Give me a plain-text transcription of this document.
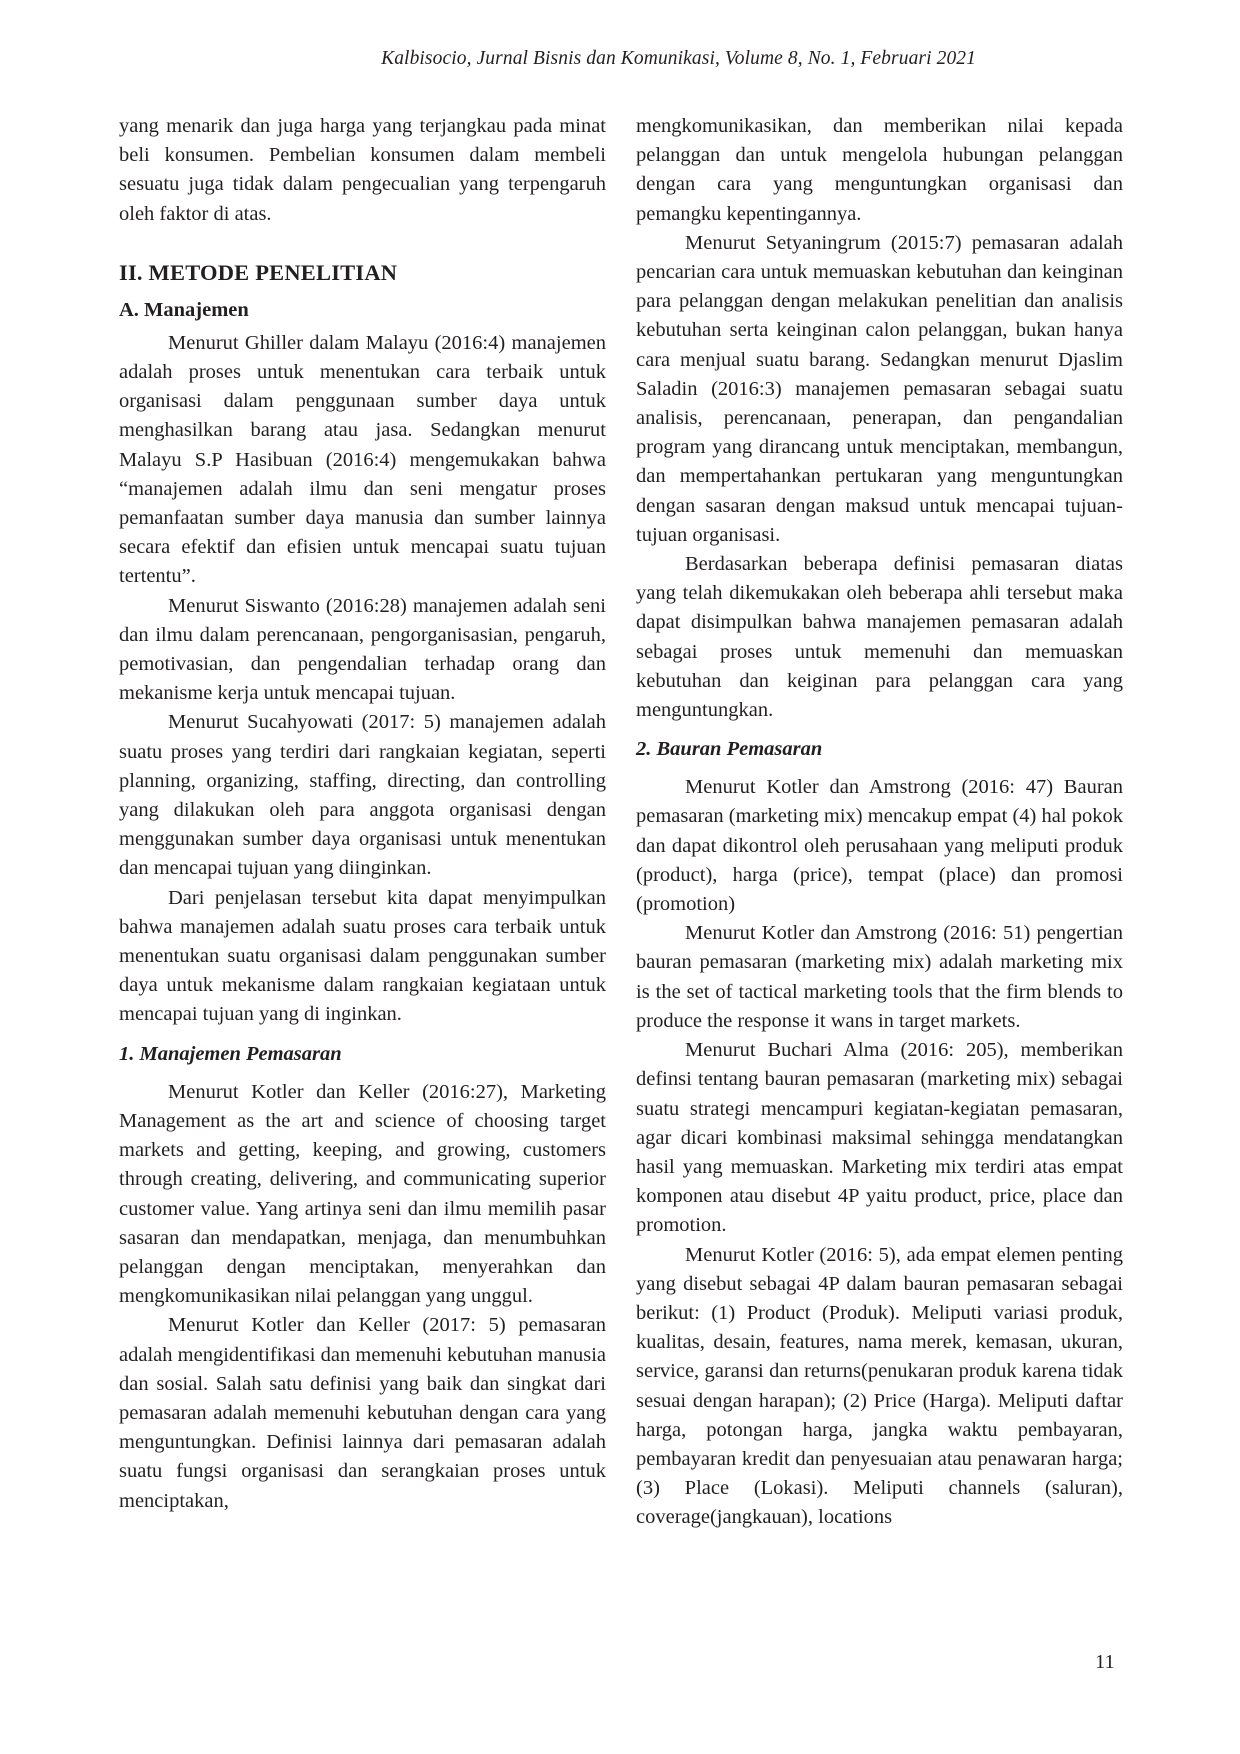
Kalbisocio, Jurnal Bisnis dan Komunikasi, Volume 8, No. 1, Februari 2021

yang menarik dan juga harga yang terjangkau pada minat beli konsumen. Pembelian konsumen dalam membeli sesuatu juga tidak dalam pengecualian yang terpengaruh oleh faktor di atas.

II. METODE PENELITIAN
A. Manajemen

Menurut Ghiller dalam Malayu (2016:4) manajemen adalah proses untuk menentukan cara terbaik untuk organisasi dalam penggunaan sumber daya untuk menghasilkan barang atau jasa. Sedangkan menurut Malayu S.P Hasibuan (2016:4) mengemukakan bahwa “manajemen adalah ilmu dan seni mengatur proses pemanfaatan sumber daya manusia dan sumber lainnya secara efektif dan efisien untuk mencapai suatu tujuan tertentu”.

Menurut Siswanto (2016:28) manajemen adalah seni dan ilmu dalam perencanaan, pengorganisasian, pengaruh, pemotivasian, dan pengendalian terhadap orang dan mekanisme kerja untuk mencapai tujuan.

Menurut Sucahyowati (2017: 5) manajemen adalah suatu proses yang terdiri dari rangkaian kegiatan, seperti planning, organizing, staffing, directing, dan controlling yang dilakukan oleh para anggota organisasi dengan menggunakan sumber daya organisasi untuk menentukan dan mencapai tujuan yang diinginkan.

Dari penjelasan tersebut kita dapat menyimpulkan bahwa manajemen adalah suatu proses cara terbaik untuk menentukan suatu organisasi dalam penggunakan sumber daya untuk mekanisme dalam rangkaian kegiataan untuk mencapai tujuan yang di inginkan.

1. Manajemen Pemasaran

Menurut Kotler dan Keller (2016:27), Marketing Management as the art and science of choosing target markets and getting, keeping, and growing, customers through creating, delivering, and communicating superior customer value. Yang artinya seni dan ilmu memilih pasar sasaran dan mendapatkan, menjaga, dan menumbuhkan pelanggan dengan menciptakan, menyerahkan dan mengkomunikasikan nilai pelanggan yang unggul.

Menurut Kotler dan Keller (2017: 5) pemasaran adalah mengidentifikasi dan memenuhi kebutuhan manusia dan sosial. Salah satu definisi yang baik dan singkat dari pemasaran adalah memenuhi kebutuhan dengan cara yang menguntungkan. Definisi lainnya dari pemasaran adalah suatu fungsi organisasi dan serangkaian proses untuk menciptakan,

mengkomunikasikan, dan memberikan nilai kepada pelanggan dan untuk mengelola hubungan pelanggan dengan cara yang menguntungkan organisasi dan pemangku kepentingannya.

Menurut Setyaningrum (2015:7) pemasaran adalah pencarian cara untuk memuaskan kebutuhan dan keinginan para pelanggan dengan melakukan penelitian dan analisis kebutuhan serta keinginan calon pelanggan, bukan hanya cara menjual suatu barang. Sedangkan menurut Djaslim Saladin (2016:3) manajemen pemasaran sebagai suatu analisis, perencanaan, penerapan, dan pengandalian program yang dirancang untuk menciptakan, membangun, dan mempertahankan pertukaran yang menguntungkan dengan sasaran dengan maksud untuk mencapai tujuan-tujuan organisasi.

Berdasarkan beberapa definisi pemasaran diatas yang telah dikemukakan oleh beberapa ahli tersebut maka dapat disimpulkan bahwa manajemen pemasaran adalah sebagai proses untuk memenuhi dan memuaskan kebutuhan dan keiginan para pelanggan cara yang menguntungkan.

2. Bauran Pemasaran

Menurut Kotler dan Amstrong (2016: 47) Bauran pemasaran (marketing mix) mencakup empat (4) hal pokok dan dapat dikontrol oleh perusahaan yang meliputi produk (product), harga (price), tempat (place) dan promosi (promotion)

Menurut Kotler dan Amstrong (2016: 51) pengertian bauran pemasaran (marketing mix) adalah marketing mix is the set of tactical marketing tools that the firm blends to produce the response it wans in target markets.

Menurut Buchari Alma (2016: 205), memberikan definsi tentang bauran pemasaran (marketing mix) sebagai suatu strategi mencampuri kegiatan-kegiatan pemasaran, agar dicari kombinasi maksimal sehingga mendatangkan hasil yang memuaskan. Marketing mix terdiri atas empat komponen atau disebut 4P yaitu product, price, place dan promotion.

Menurut Kotler (2016: 5), ada empat elemen penting yang disebut sebagai 4P dalam bauran pemasaran sebagai berikut: (1) Product (Produk). Meliputi variasi produk, kualitas, desain, features, nama merek, kemasan, ukuran, service, garansi dan returns(penukaran produk karena tidak sesuai dengan harapan); (2) Price (Harga). Meliputi daftar harga, potongan harga, jangka waktu pembayaran, pembayaran kredit dan penyesuaian atau penawaran harga; (3) Place (Lokasi). Meliputi channels (saluran), coverage(jangkauan), locations

11
